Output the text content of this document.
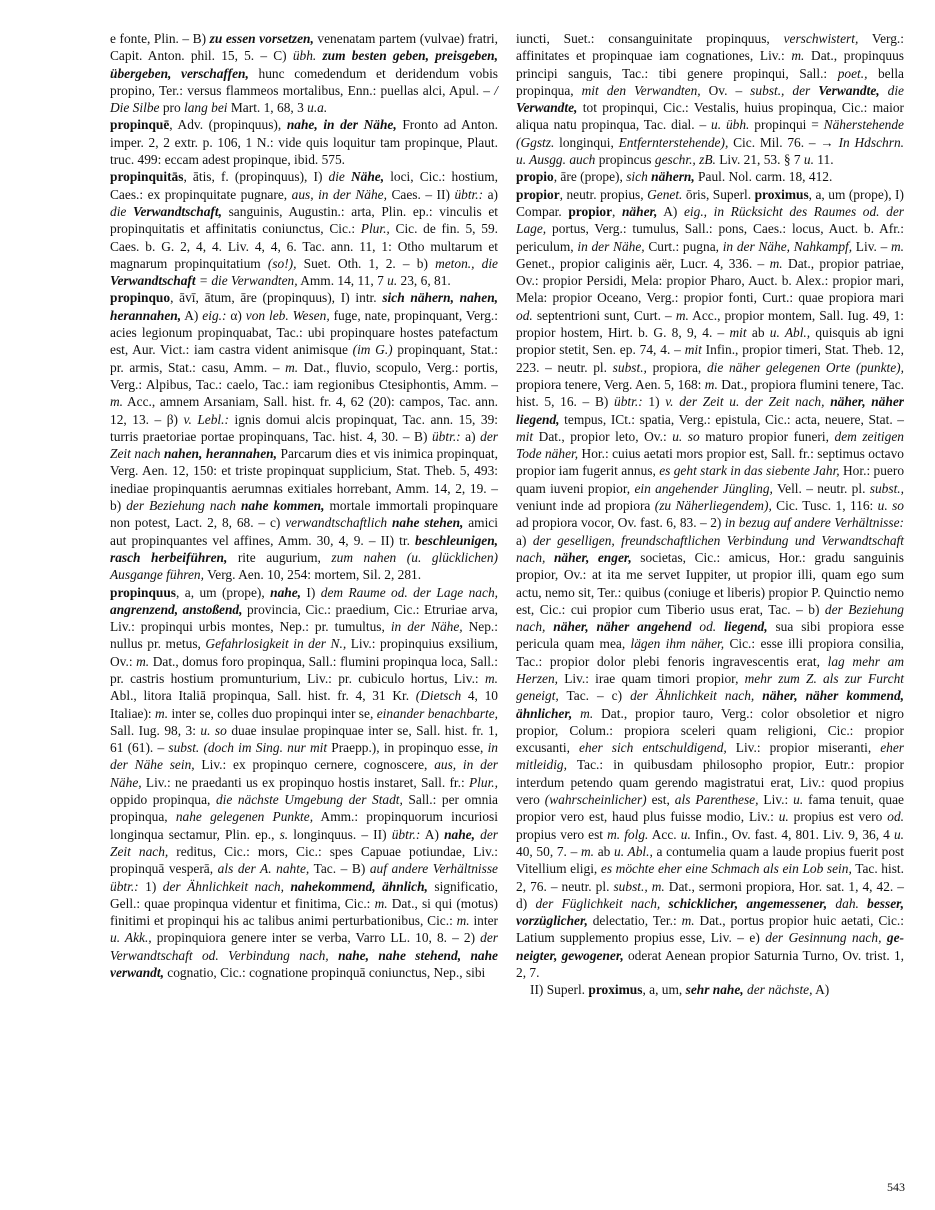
e fonte, Plin. – B) zu essen vorsetzen, venenatam partem (vulvae) fratri, Capit. Anton. phil. 15, 5. – C) übh. zum besten geben, preisgeben, übergeben, verschaffen, hunc comedendum et deridendum vobis propino, Ter.: versus flammeos mortalibus, Enn.: puellas alci, Apul. – / Die Silbe pro lang bei Mart. 1, 68, 3 u.a.

propinquē, Adv. (propinquus), nahe, in der Nähe, Fronto ad Anton. imper. 2, 2 extr. p. 106, 1 N.: vide quis loquitur tam propinque, Plaut. truc. 499: eccam adest propinque, ibid. 575.

propinquitās, ātis, f. (propinquus), I) die Nähe, loci, Cic.: hostium, Caes.: ex propinquitate pugnare, aus, in der Nähe, Caes. – II) übtr.: a) die Verwandtschaft, sanguinis, Augustin.: arta, Plin. ep.: vinculis et propinquitatis et affinitatis coniunctus, Cic.: Plur., Cic. de fin. 5, 59. Caes. b. G. 2, 4, 4. Liv. 4, 4, 6. Tac. ann. 11, 1: Otho multarum et magnarum propinquitatium (so!), Suet. Oth. 1, 2. – b) meton., die Verwandtschaft = die Verwandten, Amm. 14, 11, 7 u. 23, 6, 81.

propinquo, āvī, ātum, āre (propinquus), I) intr. sich nähern, nahen, herannahen, A) eig.: α) von leb. Wesen, fuge, nate, propinquant, Verg.: acies legionum propinquabat, Tac.: ubi propinquare hostes patefactum est, Aur. Vict.: iam castra vident animisque (im G.) propinquant, Stat.: pr. armis, Stat.: casu, Amm. – m. Dat., fluvio, scopulo, Verg.: portis, Verg.: Alpibus, Tac.: caelo, Tac.: iam regionibus Ctesiphontis, Amm. – m. Acc., amnem Arsaniam, Sall. hist. fr. 4, 62 (20): campos, Tac. ann. 12, 13. – β) v. Lebl.: ignis domui alcis propinquat, Tac. ann. 15, 39: turris praetoriae portae propinquans, Tac. hist. 4, 30. – B) übtr.: a) der Zeit nach nahen, herannahen, Parcarum dies et vis inimica propinquat, Verg. Aen. 12, 150: et triste propinquat supplicium, Stat. Theb. 5, 493: inediae propinquantis aerumnas exitiales horrebant, Amm. 14, 2, 19. – b) der Beziehung nach nahe kommen, mortale immortali propinquare non potest, Lact. 2, 8, 68. – c) verwandtschaftlich nahe stehen, amici aut propinquantes vel affines, Amm. 30, 4, 9. – II) tr. beschleunigen, rasch herbeiführen, rite augurium, zum nahen (u. glücklichen) Ausgange führen, Verg. Aen. 10, 254: mortem, Sil. 2, 281.

propinquus, a, um (prope), nahe, I) dem Raume od. der Lage nach, angrenzend, anstoßend, provincia, Cic.: praedium, Cic.: Etruriae arva, Liv.: propinqui urbis montes, Nep.: pr. tumultus, in der Nähe, Nep.: nullus pr. metus, Gefahrlosigkeit in der N., Liv.: propinquius exsilium, Ov.: m. Dat., domus foro propinqua, Sall.: flumini propinqua loca, Sall.: pr. castris hostium promunturium, Liv.: pr. cubiculo hortus, Liv.: m. Abl., litora Italiā propinqua, Sall. hist. fr. 4, 31 Kr. (Dietsch 4, 10 Italiae): m. inter se, colles duo propinqui inter se, einander benachbarte, Sall. Iug. 98, 3: u. so duae insulae propinquae inter se, Sall. hist. fr. 1, 61 (61). – subst. (doch im Sing. nur mit Praepp.), in propinquo esse, in der Nähe sein, Liv.: ex propinquo cernere, cognoscere, aus, in der Nähe, Liv.: ne praedanti us ex propinquo hostis instaret, Sall. fr.: Plur., oppido propinqua, die nächste Umgebung der Stadt, Sall.: per omnia propinqua, nahe gelegenen Punkte, Amm.: propinquorum incuriosi longinqua sectamur, Plin. ep., s. longinquus. – II) übtr.: A) nahe, der Zeit nach, reditus, Cic.: mors, Cic.: spes Capuae potiundae, Liv.: propinquā vesperā, als der A. nahte, Tac. – B) auf andere Verhältnisse übtr.: 1) der Ähnlichkeit nach, nahekommend, ähnlich, significatio, Gell.: quae propinqua videntur et finitima, Cic.: m. Dat., si qui (motus) finitimi et propinqui his ac talibus animi perturbationibus, Cic.: m. inter u. Akk., propinquiora genere inter se verba, Varro LL. 10, 8. – 2) der Verwandtschaft od. Verbindung nach, nahe, nahe stehend, nahe verwandt, cognatio, Cic.: cognatione propinquā coniunctus, Nep., sibi

iuncti, Suet.: consanguinitate propinquus, verschwistert, Verg.: affinitates et propinquae iam cognationes, Liv.: m. Dat., propinquus principi sanguis, Tac.: tibi genere propinqui, Sall.: poet., bella propinqua, mit den Verwandten, Ov. – subst., der Verwandte, die Verwandte, tot propinqui, Cic.: Vestalis, huius propinqua, Cic.: maior aliqua natu propinqua, Tac. dial. – u. übh. propinqui = Näherstehende (Ggstz. longinqui, Entfernterstehende), Cic. Mil. 76. – → In Hdschrn. u. Ausgg. auch propincus geschr., zB. Liv. 21, 53. § 7 u. 11.

propio, āre (prope), sich nähern, Paul. Nol. carm. 18, 412.

propior, neutr. propius, Genet. ōris, Superl. proximus, a, um (prope), I) Compar. propior, näher, A) eig., in Rücksicht des Raumes od. der Lage, portus, Verg.: tumulus, Sall.: pons, Caes.: locus, Auct. b. Afr.: periculum, in der Nähe, Curt.: pugna, in der Nähe, Nahkampf, Liv. – m. Genet., propior caliginis aër, Lucr. 4, 336. – m. Dat., propior patriae, Ov.: propior Persidi, Mela: propior Pharo, Auct. b. Alex.: propior mari, Mela: propior Oceano, Verg.: propior fonti, Curt.: quae propiora mari od. septentrioni sunt, Curt. – m. Acc., propior montem, Sall. Iug. 49, 1: propior hostem, Hirt. b. G. 8, 9, 4. – mit ab u. Abl., quisquis ab igni propior stetit, Sen. ep. 74, 4. – mit Infin., propior timeri, Stat. Theb. 12, 223. – neutr. pl. subst., propiora, die näher gelegenen Orte (punkte), propiora tenere, Verg. Aen. 5, 168: m. Dat., propiora flumini tenere, Tac. hist. 5, 16. – B) übtr.: 1) v. der Zeit u. der Zeit nach, näher, näher liegend, tempus, ICt.: spatia, Verg.: epistula, Cic.: acta, neuere, Stat. – mit Dat., propior leto, Ov.: u. so maturo propior funeri, dem zeitigen Tode näher, Hor.: cuius aetati mors propior est, Sall. fr.: septimus octavo propior iam fugerit annus, es geht stark in das siebente Jahr, Hor.: puero quam iuveni propior, ein angehender Jüngling, Vell. – neutr. pl. subst., veniunt inde ad propiora (zu Näherliegendem), Cic. Tusc. 1, 116: u. so ad propiora vocor, Ov. fast. 6, 83. – 2) in bezug auf andere Verhältnisse: a) der geselligen, freundschaftlichen Verbindung und Verwandtschaft nach, näher, enger, societas, Cic.: amicus, Hor.: gradu sanguinis propior, Ov.: at ita me servet Iuppiter, ut propior illi, quam ego sum actu, nemo sit, Ter.: quibus (coniuge et liberis) propior P. Quinctio nemo est, Cic.: cui propior cum Tiberio usus erat, Tac. – b) der Beziehung nach, näher, näher angehend od. liegend, sua sibi propiora esse pericula quam mea, lägen ihm näher, Cic.: esse illi propiora consilia, Tac.: propior dolor plebi fenoris ingravescentis erat, lag mehr am Herzen, Liv.: irae quam timori propior, mehr zum Z. als zur Furcht geneigt, Tac. – c) der Ähnlichkeit nach, näher, näher kommend, ähnlicher, m. Dat., propior tauro, Verg.: color obsoletior et nigro propior, Colum.: propiora sceleri quam religioni, Cic.: propior excusanti, eher sich entschuldigend, Liv.: propior miseranti, eher mitleidig, Tac.: in quibusdam philosopho propior, Eutr.: propior interdum petendo quam gerendo magistratui erat, Liv.: quod propius vero (wahrscheinlicher) est, als Parenthese, Liv.: u. fama tenuit, quae propior vero est, haud plus fuisse modio, Liv.: u. propius est vero od. propius vero est m. folg. Acc. u. Infin., Ov. fast. 4, 801. Liv. 9, 36, 4 u. 40, 50, 7. – m. ab u. Abl., a contumelia quam a laude propius fuerit post Vitellium eligi, es möchte eher eine Schmach als ein Lob sein, Tac. hist. 2, 76. – neutr. pl. subst., m. Dat., sermoni propiora, Hor. sat. 1, 4, 42. – d) der Füglichkeit nach, schicklicher, angemessener, dah. besser, vorzüglicher, delectatio, Ter.: m. Dat., portus propior huic aetati, Cic.: Latium supplemento propius esse, Liv. – e) der Gesinnung nach, geneigter, gewogener, oderat Aenean propior Saturnia Turno, Ov. trist. 1, 2, 7.

II) Superl. proximus, a, um, sehr nahe, der nächste, A)

543
